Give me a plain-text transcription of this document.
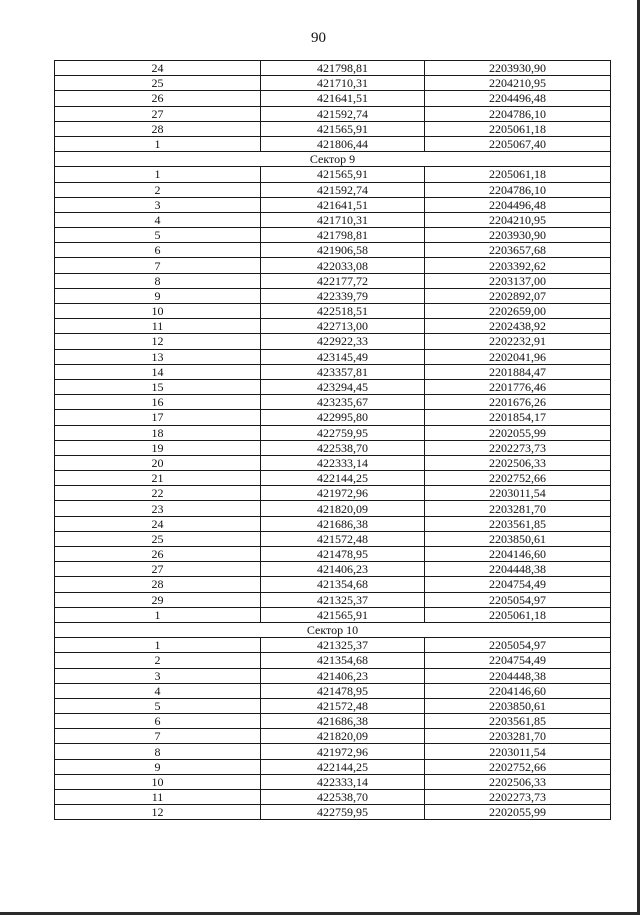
90
24	421798,81	2203930,90
25	421710,31	2204210,95
26	421641,51	2204496,48
27	421592,74	2204786,10
28	421565,91	2205061,18
1	421806,44	2205067,40
Сектор 9		
1	421565,91	2205061,18
2	421592,74	2204786,10
3	421641,51	2204496,48
4	421710,31	2204210,95
5	421798,81	2203930,90
6	421906,58	2203657,68
7	422033,08	2203392,62
8	422177,72	2203137,00
9	422339,79	2202892,07
10	422518,51	2202659,00
11	422713,00	2202438,92
12	422922,33	2202232,91
13	423145,49	2202041,96
14	423357,81	2201884,47
15	423294,45	2201776,46
16	423235,67	2201676,26
17	422995,80	2201854,17
18	422759,95	2202055,99
19	422538,70	2202273,73
20	422333,14	2202506,33
21	422144,25	2202752,66
22	421972,96	2203011,54
23	421820,09	2203281,70
24	421686,38	2203561,85
25	421572,48	2203850,61
26	421478,95	2204146,60
27	421406,23	2204448,38
28	421354,68	2204754,49
29	421325,37	2205054,97
1	421565,91	2205061,18
Сектор 10		
1	421325,37	2205054,97
2	421354,68	2204754,49
3	421406,23	2204448,38
4	421478,95	2204146,60
5	421572,48	2203850,61
6	421686,38	2203561,85
7	421820,09	2203281,70
8	421972,96	2203011,54
9	422144,25	2202752,66
10	422333,14	2202506,33
11	422538,70	2202273,73
12	422759,95	2202055,99
